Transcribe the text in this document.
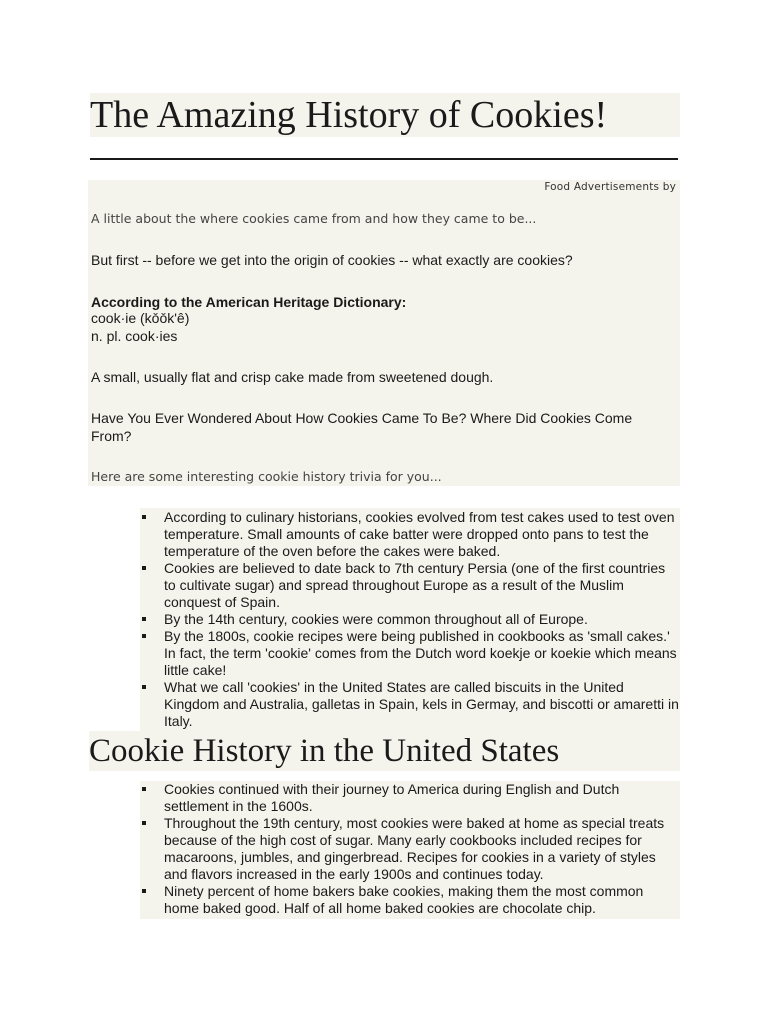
The Amazing History of Cookies!
Food Advertisements by

A little about the where cookies came from and how they came to be...

But first -- before we get into the origin of cookies -- what exactly are cookies?

According to the American Heritage Dictionary:

cook·ie (kǒǒk'ê)

n. pl. cook·ies

A small, usually flat and crisp cake made from sweetened dough.

Have You Ever Wondered About How Cookies Came To Be? Where Did Cookies Come From?

Here are some interesting cookie history trivia for you...

According to culinary historians, cookies evolved from test cakes used to test oven temperature. Small amounts of cake batter were dropped onto pans to test the temperature of the oven before the cakes were baked.
Cookies are believed to date back to 7th century Persia (one of the first countries to cultivate sugar) and spread throughout Europe as a result of the Muslim conquest of Spain.
By the 14th century, cookies were common throughout all of Europe.
By the 1800s, cookie recipes were being published in cookbooks as 'small cakes.' In fact, the term 'cookie' comes from the Dutch word koekje or koekie which means little cake!
What we call 'cookies' in the United States are called biscuits in the United Kingdom and Australia, galletas in Spain, kels in Germay, and biscotti or amaretti in Italy.
Cookie History in the United States
Cookies continued with their journey to America during English and Dutch settlement in the 1600s.
Throughout the 19th century, most cookies were baked at home as special treats because of the high cost of sugar. Many early cookbooks included recipes for macaroons, jumbles, and gingerbread. Recipes for cookies in a variety of styles and flavors increased in the early 1900s and continues today.
Ninety percent of home bakers bake cookies, making them the most common home baked good. Half of all home baked cookies are chocolate chip.
